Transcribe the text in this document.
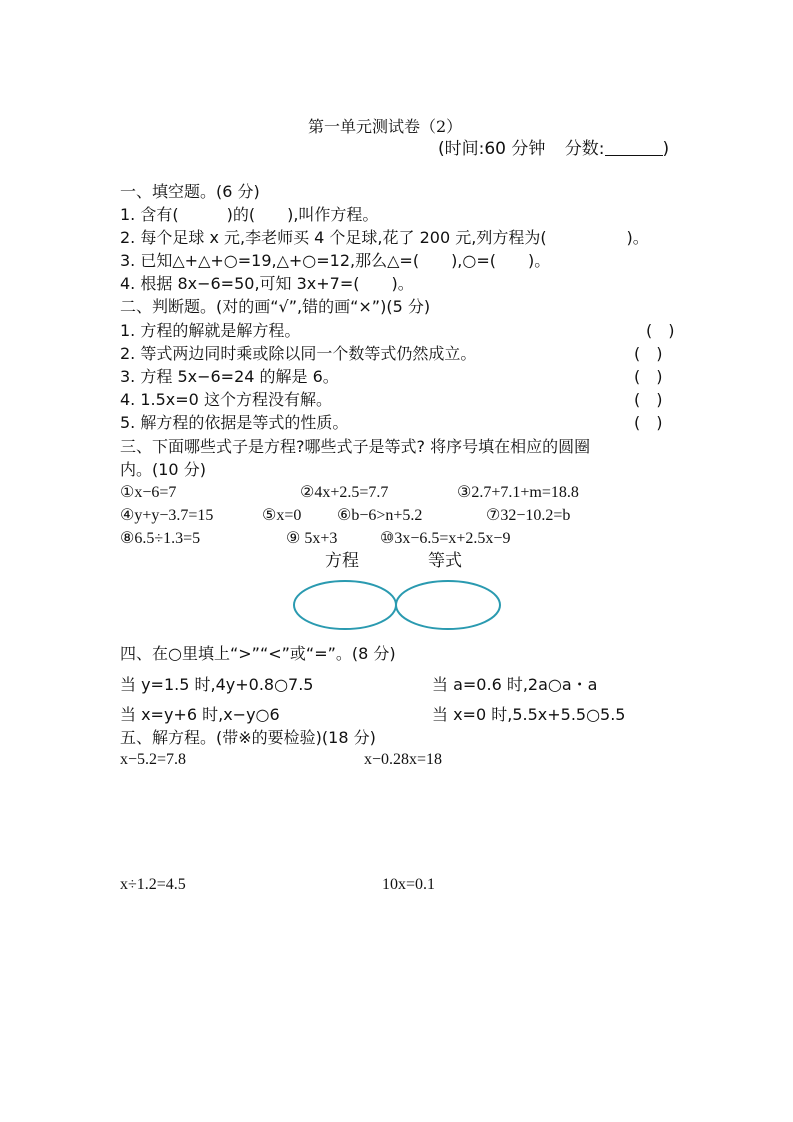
第一单元测试卷（2）
(时间:60 分钟 分数:	)
一、填空题。(6 分)
1. 含有(　　　)的(　　),叫作方程。
2. 每个足球 x 元,李老师买 4 个足球,花了 200 元,列方程为(　　　　　)。
3. 已知△+△+○=19,△+○=12,那么△=(　　),○=(　　)。
4. 根据 8x−6=50,可知 3x+7=(　　)。
二、判断题。(对的画“√”,错的画“×”)(5 分)
1. 方程的解就是解方程。	(　)
2. 等式两边同时乘或除以同一个数等式仍然成立。	(　)
3. 方程 5x−6=24 的解是 6。	(　)
4. 1.5x=0 这个方程没有解。	(　)
5. 解方程的依据是等式的性质。	(　)
三、下面哪些式子是方程?哪些式子是等式? 将序号填在相应的圆圈
内。(10 分)
①x−6=7	②4x+2.5=7.7	③2.7+7.1+m=18.8
④y+y−3.7=15	⑤x=0 ⑥b−6>n+5.2	⑦32−10.2=b
⑧6.5÷1.3=5	⑨ 5x+3	⑩3x−6.5=x+2.5x−9
方程	等式
四、在○里填上“>”“<”或“=”。(8 分)
当 y=1.5 时,4y+0.8○7.5	当 a=0.6 时,2a○a・a
当 x=y+6 时,x−y○6	当 x=0 时,5.5x+5.5○5.5
五、解方程。(带※的要检验)(18 分)
x−5.2=7.8	x−0.28x=18
x÷1.2=4.5	10x=0.1
